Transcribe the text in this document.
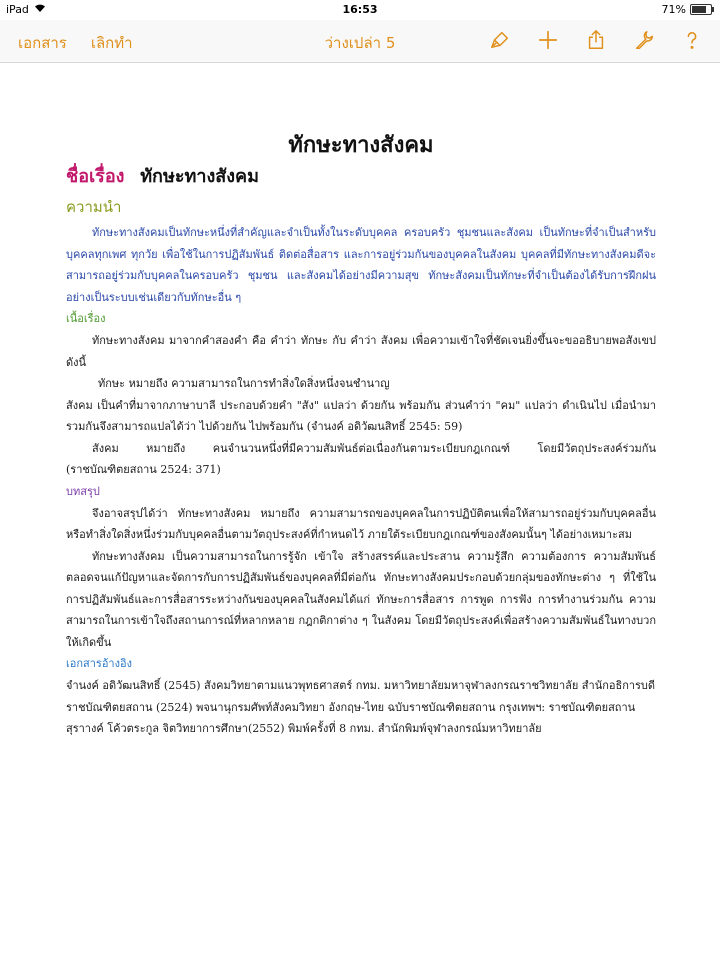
iPad	16:53	71%
เอกสาร เลิกทำ	ว่างเปล่า 5
ทักษะทางสังคม
ชื่อเรื่อง ทักษะทางสังคม
ความนำ

ทักษะทางสังคมเป็นทักษะหนึ่งที่สำคัญและจำเป็นทั้งในระดับบุคคล ครอบครัว ชุมชนและสังคม เป็นทักษะที่จำเป็นสำหรับบุคคลทุกเพศ ทุกวัย เพื่อใช้ในการปฏิสัมพันธ์ ติดต่อสื่อสาร และการอยู่ร่วมกันของบุคคลในสังคม บุคคลที่มีทักษะทางสังคมดีจะสามารถอยู่ร่วมกับบุคคลในครอบครัว ชุมชน และสังคมได้อย่างมีความสุข ทักษะสังคมเป็นทักษะที่จำเป็นต้องได้รับการฝึกฝนอย่างเป็นระบบเช่นเดียวกับทักษะอื่น ๆ

เนื้อเรื่อง

ทักษะทางสังคม มาจากคำสองคำ คือ คำว่า ทักษะ กับ คำว่า สังคม เพื่อความเข้าใจที่ชัดเจนยิ่งขึ้นจะขออธิบายพอสังเขปดังนี้

ทักษะ หมายถึง ความสามารถในการทำสิ่งใดสิ่งหนึ่งจนชำนาญ

สังคม เป็นคำที่มาจากภาษาบาลี ประกอบด้วยคำ "สัง" แปลว่า ด้วยกัน พร้อมกัน ส่วนคำว่า "คม" แปลว่า ดำเนินไป เมื่อนำมารวมกันจึงสามารถแปลได้ว่า ไปด้วยกัน ไปพร้อมกัน (จำนงค์ อดิวัฒนสิทธิ์ 2545: 59)

สังคม หมายถึง คนจำนวนหนึ่งที่มีความสัมพันธ์ต่อเนื่องกันตามระเบียบกฎเกณฑ์ โดยมีวัตถุประสงค์ร่วมกัน (ราชบัณฑิตยสถาน 2524: 371)

บทสรุป

จึงอาจสรุปได้ว่า ทักษะทางสังคม หมายถึง ความสามารถของบุคคลในการปฏิบัติตนเพื่อให้สามารถอยู่ร่วมกับบุคคลอื่น หรือทำสิ่งใดสิ่งหนึ่งร่วมกับบุคคลอื่นตามวัตถุประสงค์ที่กำหนดไว้ ภายใต้ระเบียบกฎเกณฑ์ของสังคมนั้นๆ ได้อย่างเหมาะสม

ทักษะทางสังคม เป็นความสามารถในการรู้จัก เข้าใจ สร้างสรรค์และประสาน ความรู้สึก ความต้องการ ความสัมพันธ์ตลอดจนแก้ปัญหาและจัดการกับการปฏิสัมพันธ์ของบุคคลที่มีต่อกัน ทักษะทางสังคมประกอบด้วยกลุ่มของทักษะต่าง ๆ ที่ใช้ในการปฏิสัมพันธ์และการสื่อสารระหว่างกันของบุคคลในสังคมได้แก่ ทักษะการสื่อสาร การพูด การฟัง การทำงานร่วมกัน ความสามารถในการเข้าใจถึงสถานการณ์ที่หลากหลาย กฎกติกาต่าง ๆ ในสังคม โดยมีวัตถุประสงค์เพื่อสร้างความสัมพันธ์ในทางบวกให้เกิดขึ้น

เอกสารอ้างอิง

จำนงค์ อดิวัฒนสิทธิ์ (2545) สังคมวิทยาตามแนวพุทธศาสตร์ กทม. มหาวิทยาลัยมหาจุฬาลงกรณราชวิทยาลัย สำนักอธิการบดี

ราชบัณฑิตยสถาน (2524) พจนานุกรมศัพท์สังคมวิทยา อังกฤษ-ไทย ฉบับราชบัณฑิตยสถาน กรุงเทพฯ: ราชบัณฑิตยสถาน

สุราางค์ โค้วตระกูล จิตวิทยาการศึกษา(2552) พิมพ์ครั้งที่ 8 กทม. สำนักพิมพ์จุฬาลงกรณ์มหาวิทยาลัย
